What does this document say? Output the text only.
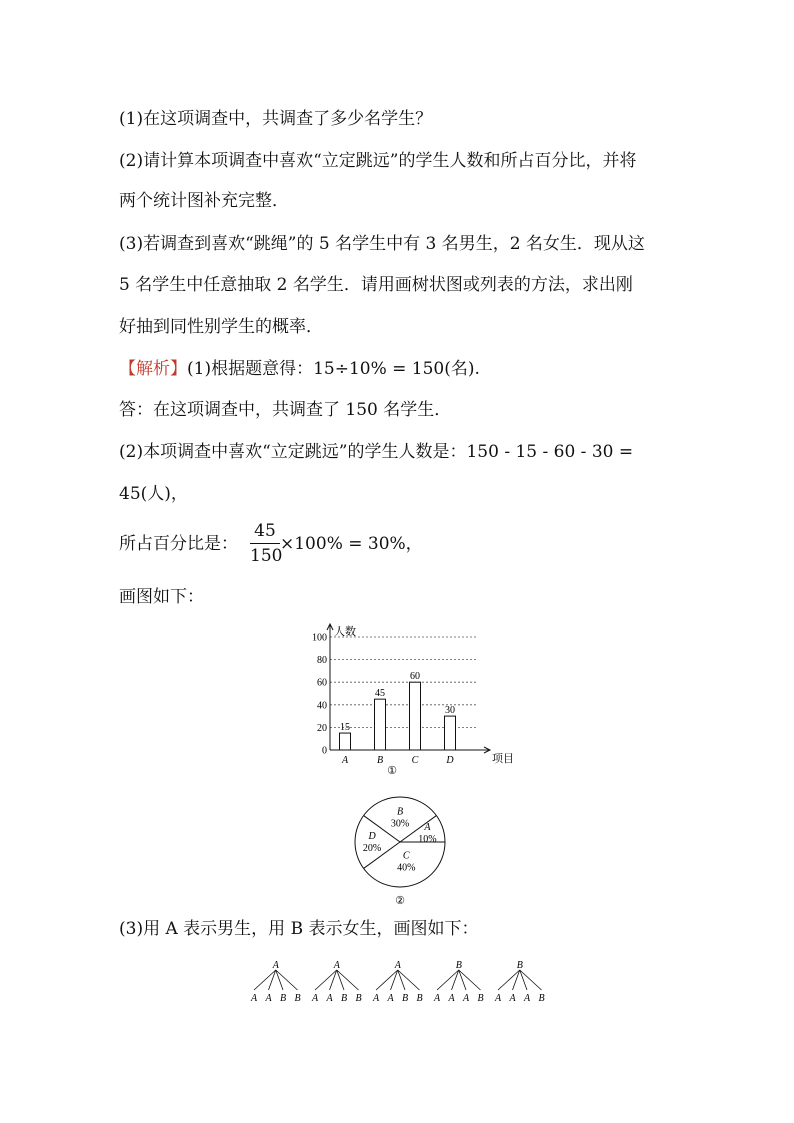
(1)在这项调查中，共调查了多少名学生？
(2)请计算本项调查中喜欢“立定跳远”的学生人数和所占百分比，并将
两个统计图补充完整．
(3)若调查到喜欢“跳绳”的 5 名学生中有 3 名男生，2 名女生．现从这
5 名学生中任意抽取 2 名学生．请用画树状图或列表的方法，求出刚
好抽到同性别学生的概率．
【解析】(1)根据题意得：15÷10% = 150(名).
答：在这项调查中，共调查了 150 名学生．
(2)本项调查中喜欢“立定跳远”的学生人数是：150 - 15 - 60 - 30 =
45(人)，
所占百分比是：
45
150
×100% = 30%，
画图如下：
0
20
40
60
80
100 人数
项目
15
A
45
B
60
C
30
D
①
A
10%
B
30%
C
40%
D
20%
②
(3)用 A 表示男生，用 B 表示女生，画图如下：
A
A A B B
A
A A B B
A
A A B B
B
A A A B
B
A A A B
